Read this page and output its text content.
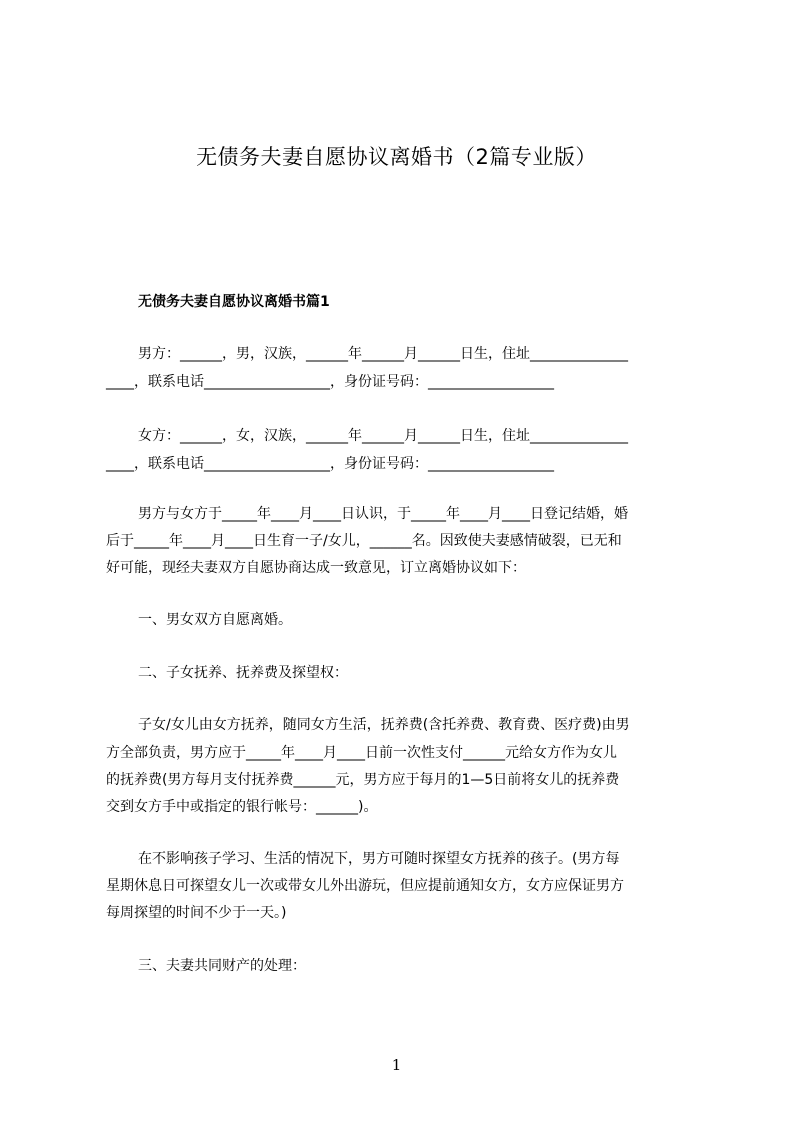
无债务夫妻自愿协议离婚书（2篇专业版）
无债务夫妻自愿协议离婚书篇1
男方：______，男，汉族，______年______月______日生，住址______________
____，联系电话__________________，身份证号码：__________________
女方：______，女，汉族，______年______月______日生，住址______________
____，联系电话__________________，身份证号码：__________________
男方与女方于_____年____月____日认识，于_____年____月____日登记结婚，婚
后于_____年____月____日生育一子/女儿，______名。因致使夫妻感情破裂，已无和
好可能，现经夫妻双方自愿协商达成一致意见，订立离婚协议如下：
一、男女双方自愿离婚。
二、子女抚养、抚养费及探望权：
子女/女儿由女方抚养，随同女方生活，抚养费(含托养费、教育费、医疗费)由男
方全部负责，男方应于_____年____月____日前一次性支付______元给女方作为女儿
的抚养费(男方每月支付抚养费______元，男方应于每月的1—5日前将女儿的抚养费
交到女方手中或指定的银行帐号：______)。
在不影响孩子学习、生活的情况下，男方可随时探望女方抚养的孩子。(男方每
星期休息日可探望女儿一次或带女儿外出游玩，但应提前通知女方，女方应保证男方
每周探望的时间不少于一天。)
三、夫妻共同财产的处理：
1
